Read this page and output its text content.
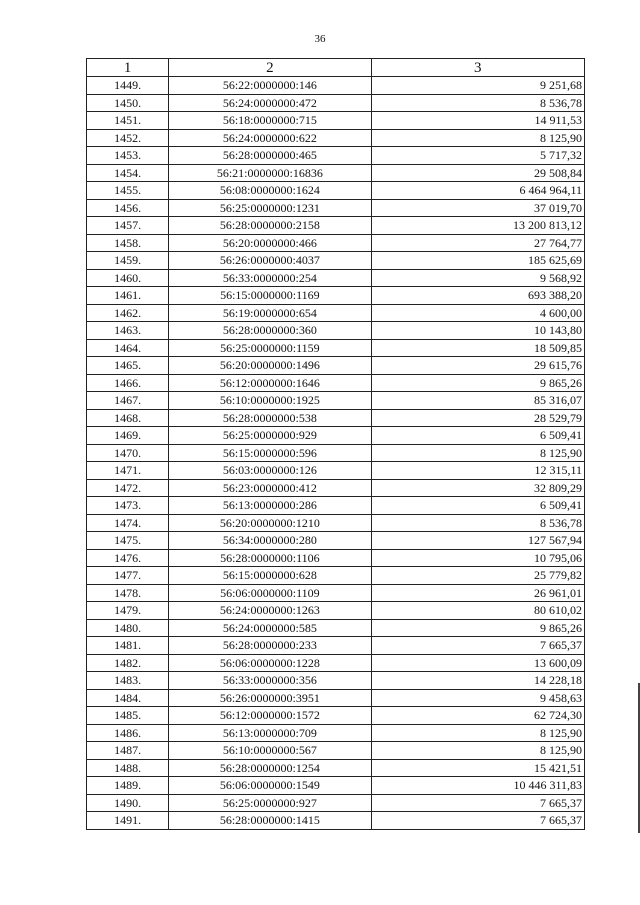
36
1	2	3
1449.	56:22:0000000:146	9 251,68
1450.	56:24:0000000:472	8 536,78
1451.	56:18:0000000:715	14 911,53
1452.	56:24:0000000:622	8 125,90
1453.	56:28:0000000:465	5 717,32
1454.	56:21:0000000:16836	29 508,84
1455.	56:08:0000000:1624	6 464 964,11
1456.	56:25:0000000:1231	37 019,70
1457.	56:28:0000000:2158	13 200 813,12
1458.	56:20:0000000:466	27 764,77
1459.	56:26:0000000:4037	185 625,69
1460.	56:33:0000000:254	9 568,92
1461.	56:15:0000000:1169	693 388,20
1462.	56:19:0000000:654	4 600,00
1463.	56:28:0000000:360	10 143,80
1464.	56:25:0000000:1159	18 509,85
1465.	56:20:0000000:1496	29 615,76
1466.	56:12:0000000:1646	9 865,26
1467.	56:10:0000000:1925	85 316,07
1468.	56:28:0000000:538	28 529,79
1469.	56:25:0000000:929	6 509,41
1470.	56:15:0000000:596	8 125,90
1471.	56:03:0000000:126	12 315,11
1472.	56:23:0000000:412	32 809,29
1473.	56:13:0000000:286	6 509,41
1474.	56:20:0000000:1210	8 536,78
1475.	56:34:0000000:280	127 567,94
1476.	56:28:0000000:1106	10 795,06
1477.	56:15:0000000:628	25 779,82
1478.	56:06:0000000:1109	26 961,01
1479.	56:24:0000000:1263	80 610,02
1480.	56:24:0000000:585	9 865,26
1481.	56:28:0000000:233	7 665,37
1482.	56:06:0000000:1228	13 600,09
1483.	56:33:0000000:356	14 228,18
1484.	56:26:0000000:3951	9 458,63
1485.	56:12:0000000:1572	62 724,30
1486.	56:13:0000000:709	8 125,90
1487.	56:10:0000000:567	8 125,90
1488.	56:28:0000000:1254	15 421,51
1489.	56:06:0000000:1549	10 446 311,83
1490.	56:25:0000000:927	7 665,37
1491.	56:28:0000000:1415	7 665,37
